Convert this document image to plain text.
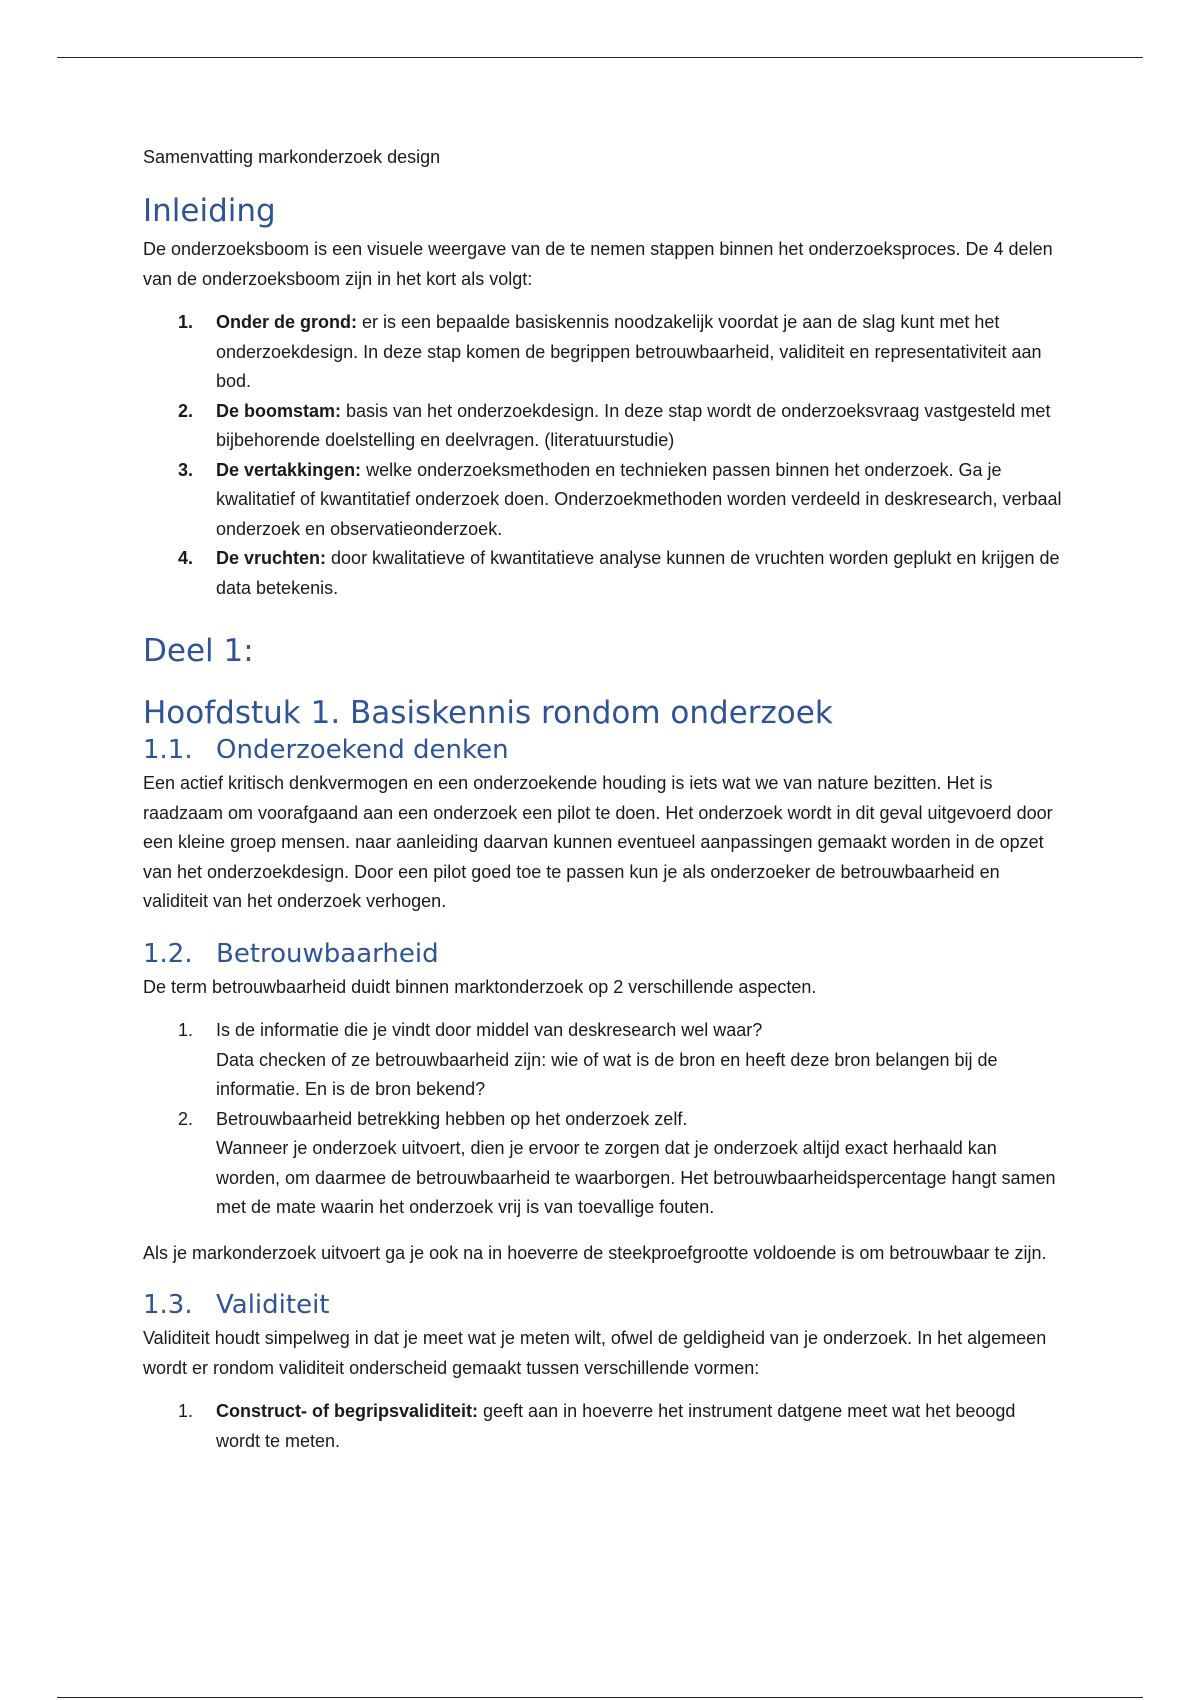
Samenvatting markonderzoek design

Inleiding

De onderzoeksboom is een visuele weergave van de te nemen stappen binnen het onderzoeksproces. De 4 delen van de onderzoeksboom zijn in het kort als volgt:

1.	Onder de grond: er is een bepaalde basiskennis noodzakelijk voordat je aan de slag kunt met het onderzoekdesign. In deze stap komen de begrippen betrouwbaarheid, validiteit en representativiteit aan bod.
2.	De boomstam: basis van het onderzoekdesign. In deze stap wordt de onderzoeksvraag vastgesteld met bijbehorende doelstelling en deelvragen. (literatuurstudie)
3.	De vertakkingen: welke onderzoeksmethoden en technieken passen binnen het onderzoek. Ga je kwalitatief of kwantitatief onderzoek doen. Onderzoekmethoden worden verdeeld in deskresearch, verbaal onderzoek en observatieonderzoek.
4.	De vruchten: door kwalitatieve of kwantitatieve analyse kunnen de vruchten worden geplukt en krijgen de data betekenis.
Deel 1:
Hoofdstuk 1. Basiskennis rondom onderzoek
1.1. Onderzoekend denken

Een actief kritisch denkvermogen en een onderzoekende houding is iets wat we van nature bezitten. Het is raadzaam om voorafgaand aan een onderzoek een pilot te doen. Het onderzoek wordt in dit geval uitgevoerd door een kleine groep mensen. naar aanleiding daarvan kunnen eventueel aanpassingen gemaakt worden in de opzet van het onderzoekdesign. Door een pilot goed toe te passen kun je als onderzoeker de betrouwbaarheid en validiteit van het onderzoek verhogen.

1.2. Betrouwbaarheid

De term betrouwbaarheid duidt binnen marktonderzoek op 2 verschillende aspecten.

1.	Is de informatie die je vindt door middel van deskresearch wel waar?
Data checken of ze betrouwbaarheid zijn: wie of wat is de bron en heeft deze bron belangen bij de informatie. En is de bron bekend?
2.	Betrouwbaarheid betrekking hebben op het onderzoek zelf.
Wanneer je onderzoek uitvoert, dien je ervoor te zorgen dat je onderzoek altijd exact herhaald kan worden, om daarmee de betrouwbaarheid te waarborgen. Het betrouwbaarheidspercentage hangt samen met de mate waarin het onderzoek vrij is van toevallige fouten.

Als je markonderzoek uitvoert ga je ook na in hoeverre de steekproefgrootte voldoende is om betrouwbaar te zijn.

1.3. Validiteit

Validiteit houdt simpelweg in dat je meet wat je meten wilt, ofwel de geldigheid van je onderzoek. In het algemeen wordt er rondom validiteit onderscheid gemaakt tussen verschillende vormen:

1.	Construct- of begripsvaliditeit: geeft aan in hoeverre het instrument datgene meet wat het beoogd wordt te meten.
